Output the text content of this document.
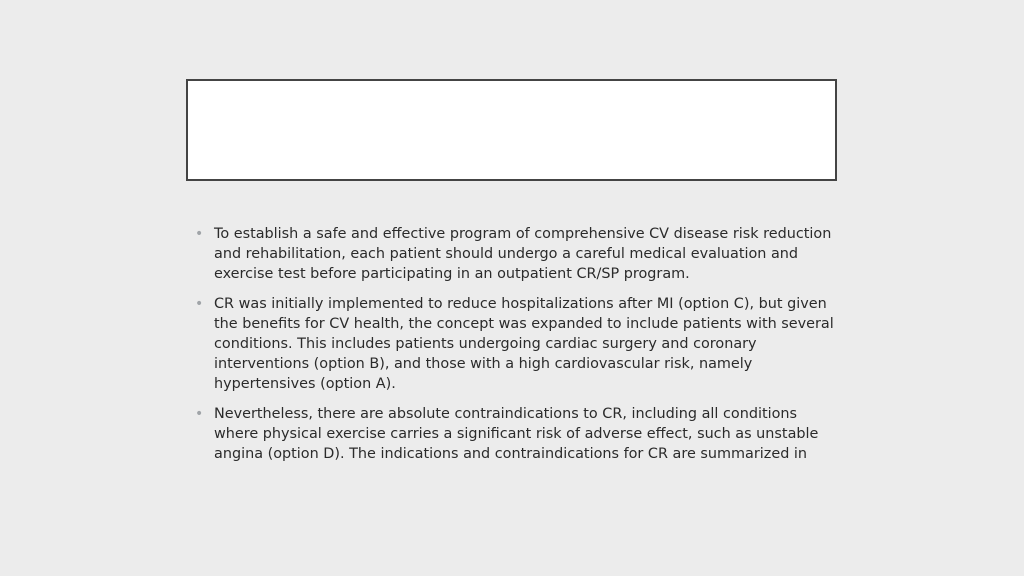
• To establish a safe and effective program of comprehensive CV disease risk reduction and rehabilitation, each patient should undergo a careful medical evaluation and exercise test before participating in an outpatient CR/SP program.
• CR was initially implemented to reduce hospitalizations after MI (option C), but given the benefits for CV health, the concept was expanded to include patients with several conditions. This includes patients undergoing cardiac surgery and coronary interventions (option B), and those with a high cardiovascular risk, namely hypertensives (option A).
• Nevertheless, there are absolute contraindications to CR, including all conditions where physical exercise carries a significant risk of adverse effect, such as unstable angina (option D). The indications and contraindications for CR are summarized in
